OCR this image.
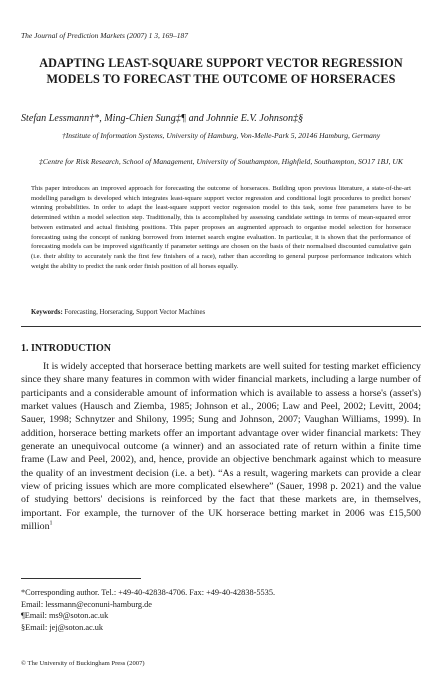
The Journal of Prediction Markets (2007) 1 3, 169–187
ADAPTING LEAST-SQUARE SUPPORT VECTOR REGRESSION MODELS TO FORECAST THE OUTCOME OF HORSERACES
Stefan Lessmann†*, Ming-Chien Sung‡¶ and Johnnie E.V. Johnson‡§
†Institute of Information Systems, University of Hamburg, Von-Melle-Park 5, 20146 Hamburg, Germany
‡Centre for Risk Research, School of Management, University of Southampton, Highfield, Southampton, SO17 1BJ, UK
This paper introduces an improved approach for forecasting the outcome of horseraces. Building upon previous literature, a state-of-the-art modelling paradigm is developed which integrates least-square support vector regression and conditional logit procedures to predict horses' winning probabilities. In order to adapt the least-square support vector regression model to this task, some free parameters have to be determined within a model selection step. Traditionally, this is accomplished by assessing candidate settings in terms of mean-squared error between estimated and actual finishing positions. This paper proposes an augmented approach to organise model selection for horserace forecasting using the concept of ranking borrowed from internet search engine evaluation. In particular, it is shown that the performance of forecasting models can be improved significantly if parameter settings are chosen on the basis of their normalised discounted cumulative gain (i.e. their ability to accurately rank the first few finishers of a race), rather than according to general purpose performance indicators which weight the ability to predict the rank order finish position of all horses equally.
Keywords: Forecasting, Horseracing, Support Vector Machines
1. INTRODUCTION
It is widely accepted that horserace betting markets are well suited for testing market efficiency since they share many features in common with wider financial markets, including a large number of participants and a considerable amount of information which is available to assess a horse's (asset's) market values (Hausch and Ziemba, 1985; Johnson et al., 2006; Law and Peel, 2002; Levitt, 2004; Sauer, 1998; Schnytzer and Shilony, 1995; Sung and Johnson, 2007; Vaughan Williams, 1999). In addition, horserace betting markets offer an important advantage over wider financial markets: They generate an unequivocal outcome (a winner) and an associated rate of return within a finite time frame (Law and Peel, 2002), and, hence, provide an objective benchmark against which to measure the quality of an investment decision (i.e. a bet). “As a result, wagering markets can provide a clear view of pricing issues which are more complicated elsewhere” (Sauer, 1998 p. 2021) and the value of studying bettors' decisions is reinforced by the fact that these markets are, in themselves, important. For example, the turnover of the UK horserace betting market in 2006 was £15,500 million$^1$
*Corresponding author. Tel.: +49-40-42838-4706. Fax: +49-40-42838-5535.
Email: lessmann@econuni-hamburg.de
¶Email: ms9@soton.ac.uk
§Email: jej@soton.ac.uk
© The University of Buckingham Press (2007)
